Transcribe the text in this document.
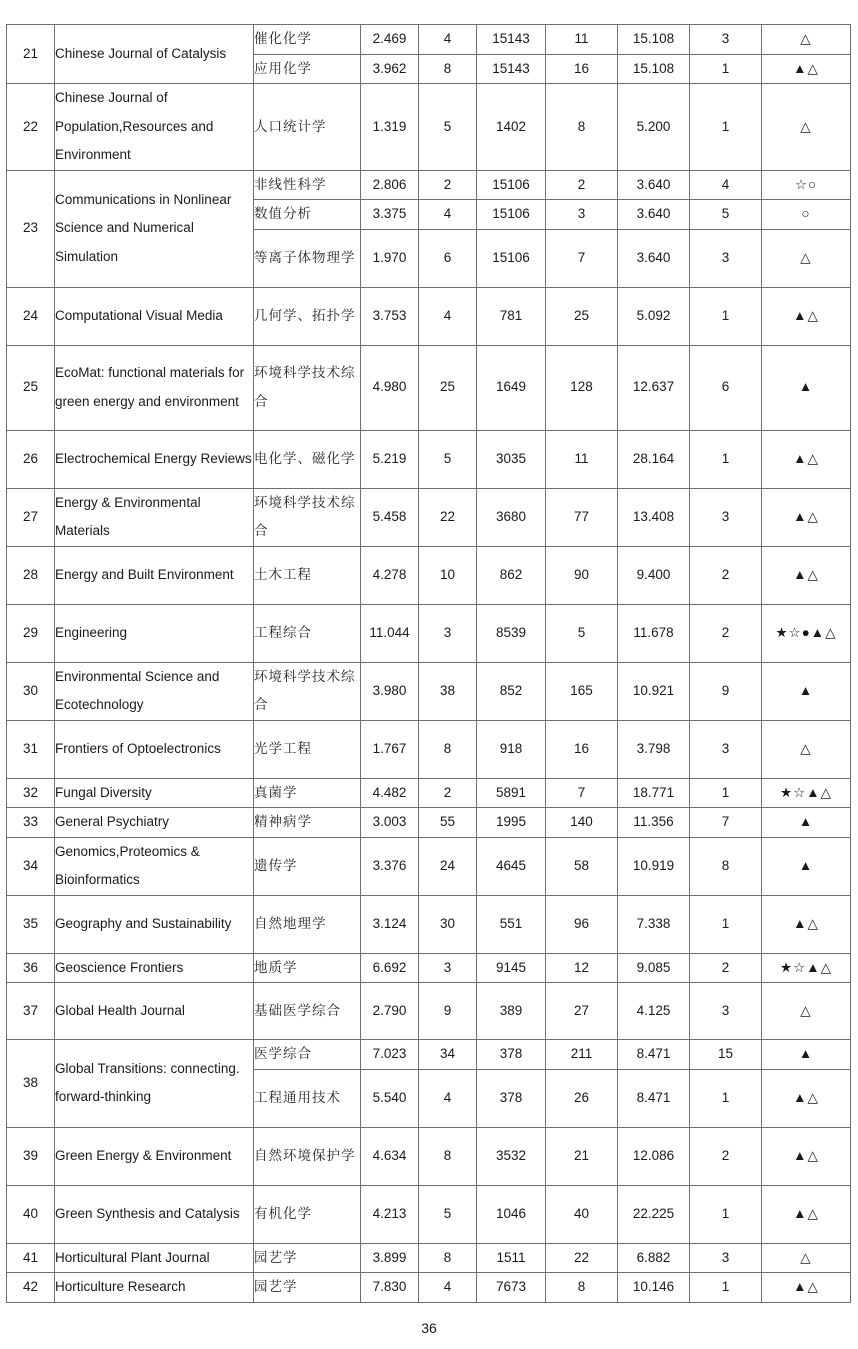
21	Chinese Journal of Catalysis	催化化学	2.469	4	15143	11	15.108	3	△
		应用化学	3.962	8	15143	16	15.108	1	▲△
22	Chinese Journal of Population,Resources and Environment	人口统计学	1.319	5	1402	8	5.200	1	△
23	Communications in Nonlinear Science and Numerical Simulation	非线性科学	2.806	2	15106	2	3.640	4	☆○
		数值分析	3.375	4	15106	3	3.640	5	○
		等离子体物理学	1.970	6	15106	7	3.640	3	△
24	Computational Visual Media	几何学、拓扑学	3.753	4	781	25	5.092	1	▲△
25	EcoMat: functional materials for green energy and environment	环境科学技术综合	4.980	25	1649	128	12.637	6	▲
26	Electrochemical Energy Reviews	电化学、磁化学	5.219	5	3035	11	28.164	1	▲△
27	Energy & Environmental Materials	环境科学技术综合	5.458	22	3680	77	13.408	3	▲△
28	Energy and Built Environment	土木工程	4.278	10	862	90	9.400	2	▲△
29	Engineering	工程综合	11.044	3	8539	5	11.678	2	★☆●▲△
30	Environmental Science and Ecotechnology	环境科学技术综合	3.980	38	852	165	10.921	9	▲
31	Frontiers of Optoelectronics	光学工程	1.767	8	918	16	3.798	3	△
32	Fungal Diversity	真菌学	4.482	2	5891	7	18.771	1	★☆▲△
33	General Psychiatry	精神病学	3.003	55	1995	140	11.356	7	▲
34	Genomics,Proteomics & Bioinformatics	遗传学	3.376	24	4645	58	10.919	8	▲
35	Geography and Sustainability	自然地理学	3.124	30	551	96	7.338	1	▲△
36	Geoscience Frontiers	地质学	6.692	3	9145	12	9.085	2	★☆▲△
37	Global Health Journal	基础医学综合	2.790	9	389	27	4.125	3	△
38	Global Transitions: connecting. forward-thinking	医学综合	7.023	34	378	211	8.471	15	▲
		工程通用技术	5.540	4	378	26	8.471	1	▲△
39	Green Energy & Environment	自然环境保护学	4.634	8	3532	21	12.086	2	▲△
40	Green Synthesis and Catalysis	有机化学	4.213	5	1046	40	22.225	1	▲△
41	Horticultural Plant Journal	园艺学	3.899	8	1511	22	6.882	3	△
42	Horticulture Research	园艺学	7.830	4	7673	8	10.146	1	▲△
36
